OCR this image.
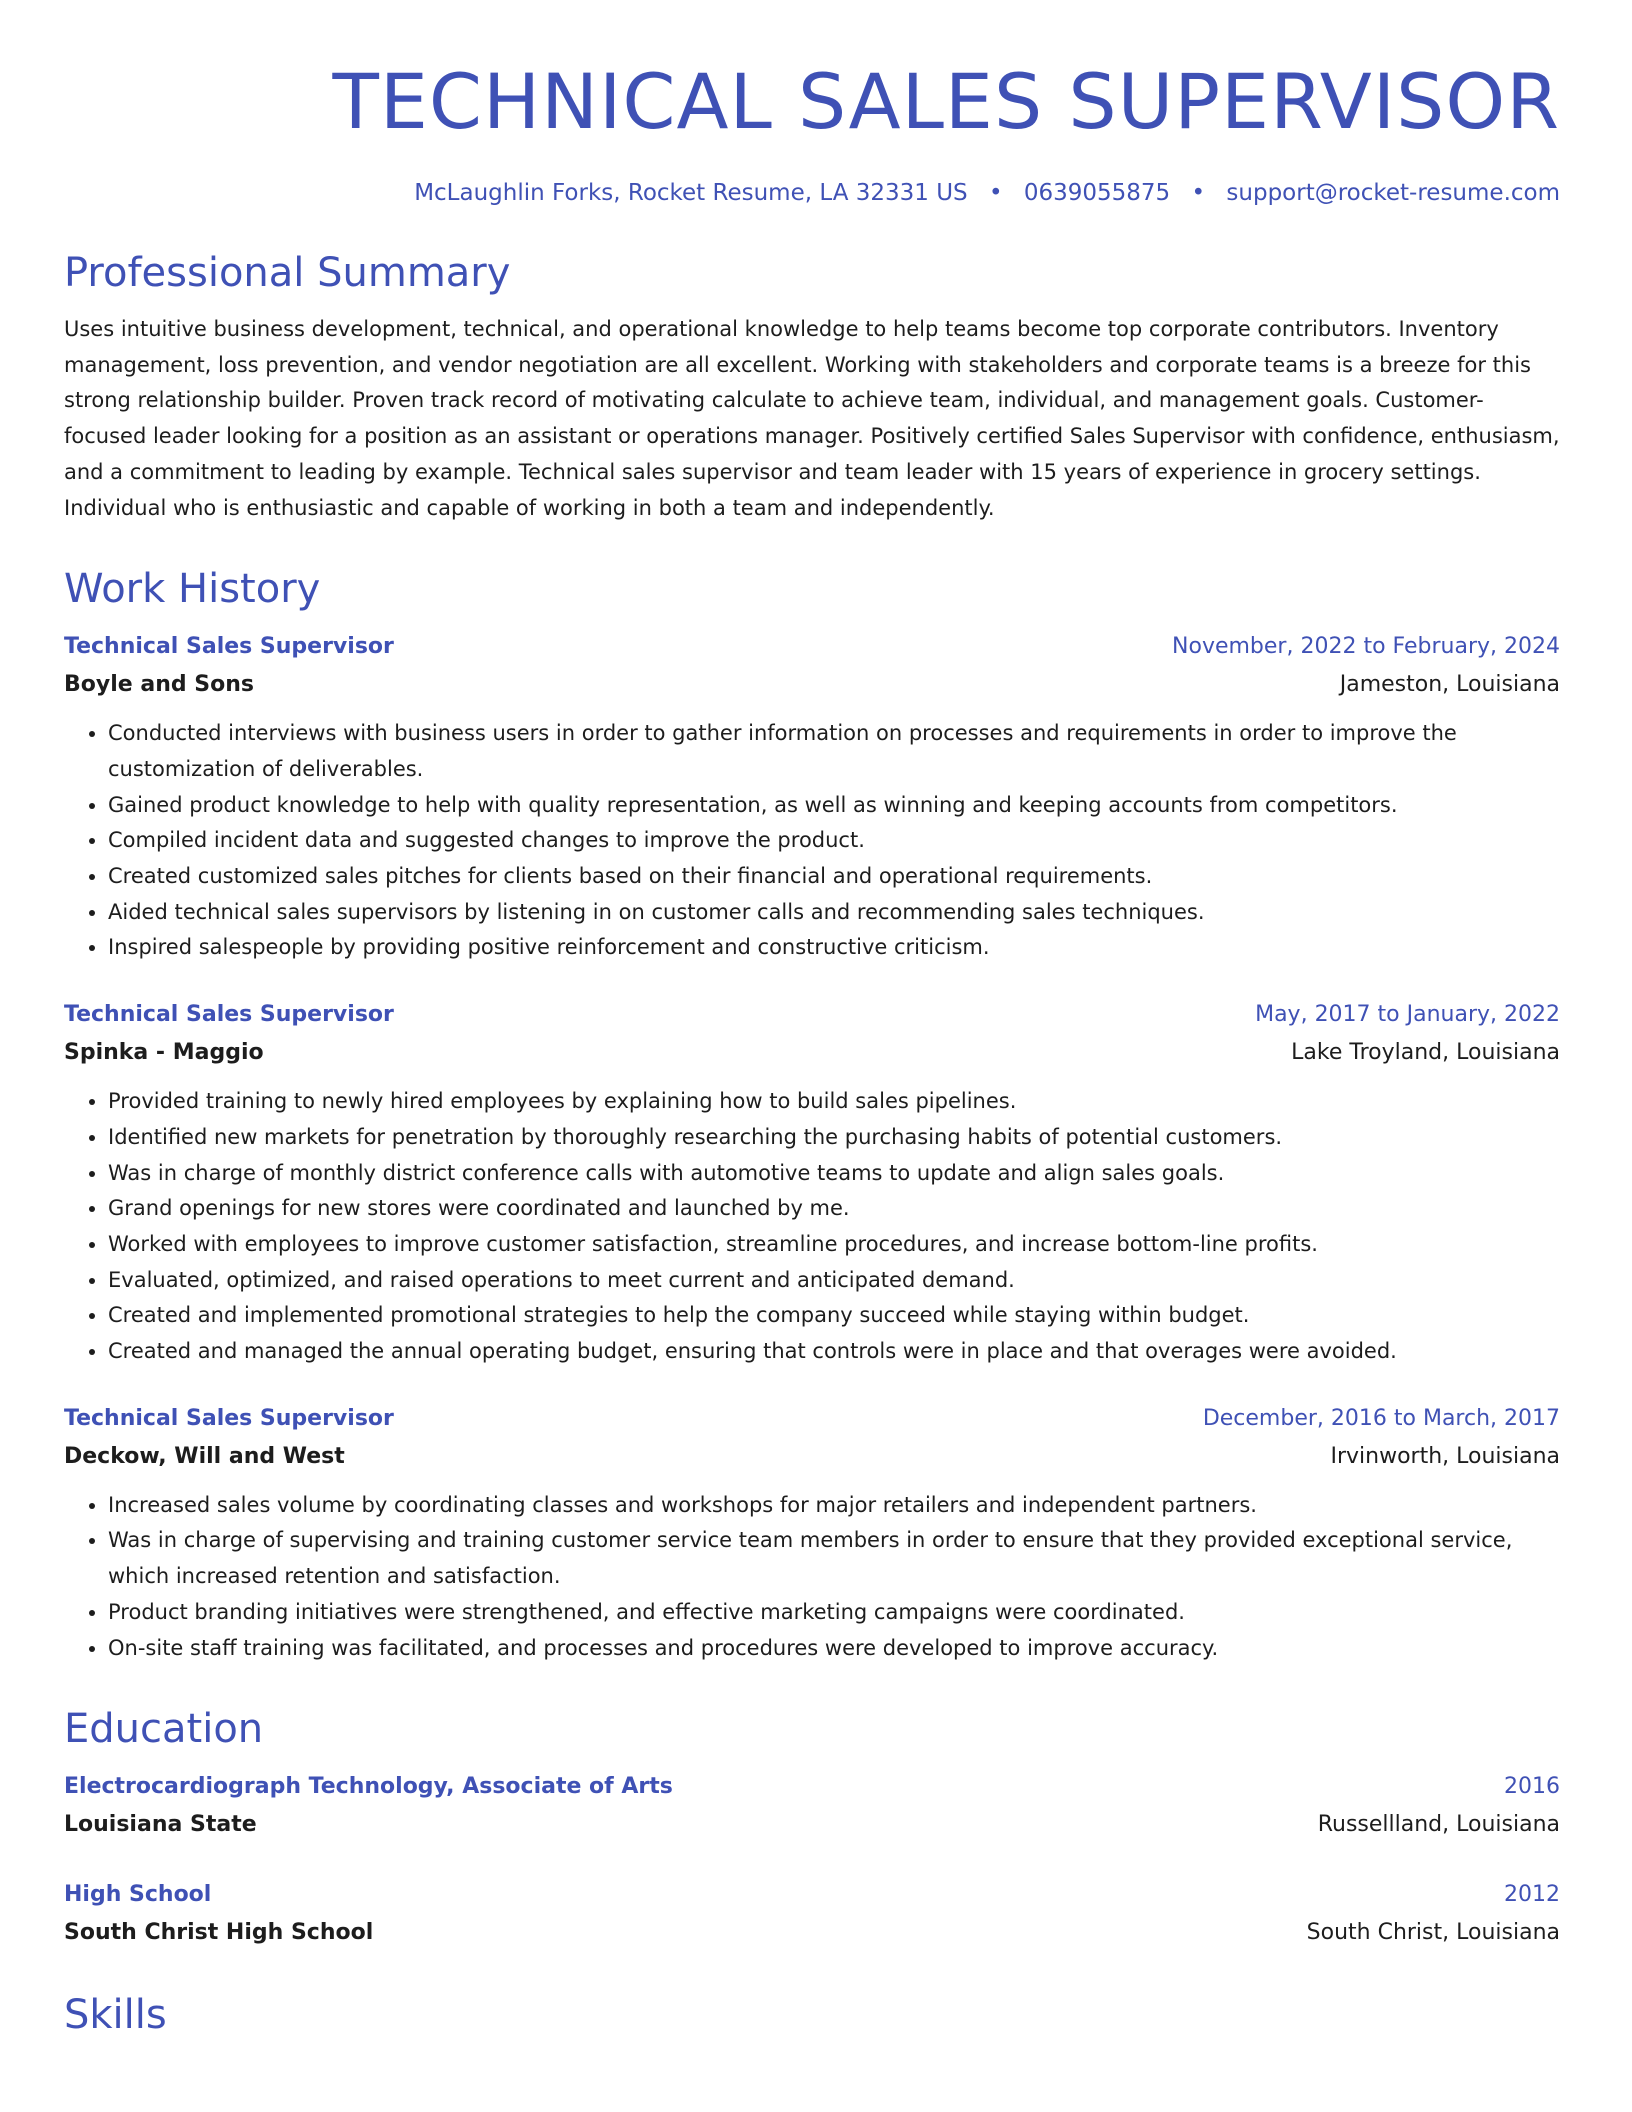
TECHNICAL SALES SUPERVISOR
McLaughlin Forks, Rocket Resume, LA 32331 US • 0639055875 • support@rocket-resume.com
Professional Summary

Uses intuitive business development, technical, and operational knowledge to help teams become top corporate contributors. Inventory management, loss prevention, and vendor negotiation are all excellent. Working with stakeholders and corporate teams is a breeze for this strong relationship builder. Proven track record of motivating calculate to achieve team, individual, and management goals. Customer-focused leader looking for a position as an assistant or operations manager. Positively certified Sales Supervisor with confidence, enthusiasm, and a commitment to leading by example. Technical sales supervisor and team leader with 15 years of experience in grocery settings. Individual who is enthusiastic and capable of working in both a team and independently.

Work History
Technical Sales Supervisor	November, 2022 to February, 2024
Boyle and Sons	Jameston, Louisiana
• Conducted interviews with business users in order to gather information on processes and requirements in order to improve the customization of deliverables.
• Gained product knowledge to help with quality representation, as well as winning and keeping accounts from competitors.
• Compiled incident data and suggested changes to improve the product.
• Created customized sales pitches for clients based on their financial and operational requirements.
• Aided technical sales supervisors by listening in on customer calls and recommending sales techniques.
• Inspired salespeople by providing positive reinforcement and constructive criticism.
Technical Sales Supervisor	May, 2017 to January, 2022
Spinka - Maggio	Lake Troyland, Louisiana
• Provided training to newly hired employees by explaining how to build sales pipelines.
• Identified new markets for penetration by thoroughly researching the purchasing habits of potential customers.
• Was in charge of monthly district conference calls with automotive teams to update and align sales goals.
• Grand openings for new stores were coordinated and launched by me.
• Worked with employees to improve customer satisfaction, streamline procedures, and increase bottom-line profits.
• Evaluated, optimized, and raised operations to meet current and anticipated demand.
• Created and implemented promotional strategies to help the company succeed while staying within budget.
• Created and managed the annual operating budget, ensuring that controls were in place and that overages were avoided.
Technical Sales Supervisor	December, 2016 to March, 2017
Deckow, Will and West	Irvinworth, Louisiana
• Increased sales volume by coordinating classes and workshops for major retailers and independent partners.
• Was in charge of supervising and training customer service team members in order to ensure that they provided exceptional service, which increased retention and satisfaction.
• Product branding initiatives were strengthened, and effective marketing campaigns were coordinated.
• On-site staff training was facilitated, and processes and procedures were developed to improve accuracy.
Education
Electrocardiograph Technology, Associate of Arts	2016
Louisiana State	Russellland, Louisiana
High School	2012
South Christ High School	South Christ, Louisiana
Skills
